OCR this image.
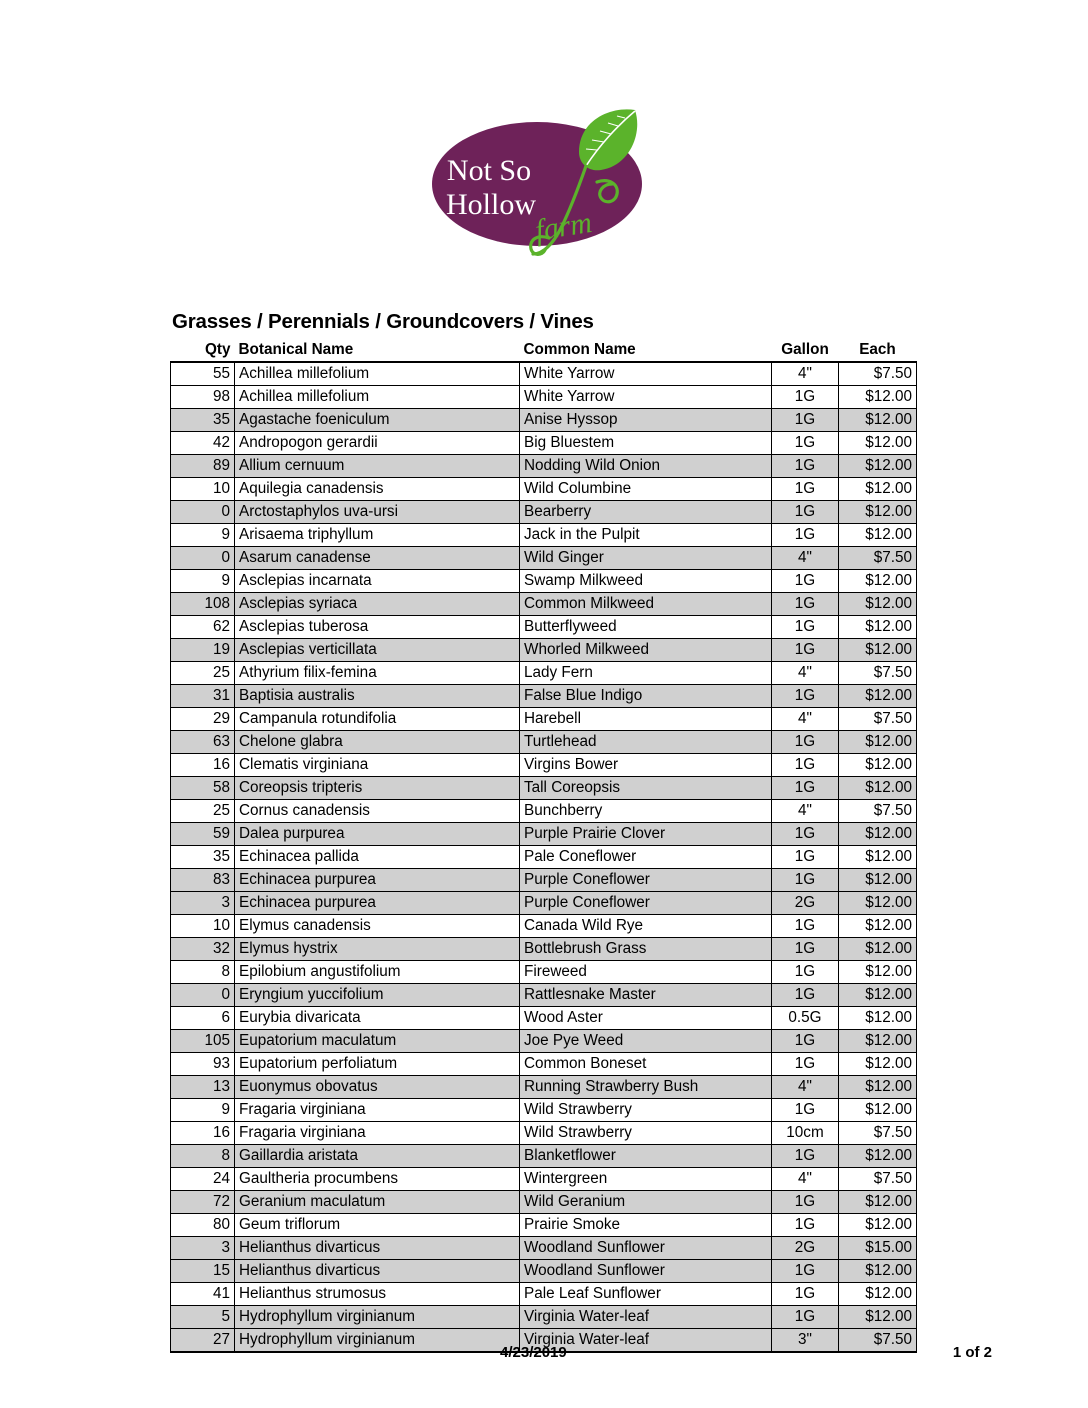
Not So
Hollow
farm
Grasses / Perennials / Groundcovers / Vines
Qty	Botanical Name	Common Name	Gallon	Each
55	Achillea millefolium	White Yarrow	4"	$7.50
98	Achillea millefolium	White Yarrow	1G	$12.00
35	Agastache foeniculum	Anise Hyssop	1G	$12.00
42	Andropogon gerardii	Big Bluestem	1G	$12.00
89	Allium cernuum	Nodding Wild Onion	1G	$12.00
10	Aquilegia canadensis	Wild Columbine	1G	$12.00
0	Arctostaphylos uva-ursi	Bearberry	1G	$12.00
9	Arisaema triphyllum	Jack in the Pulpit	1G	$12.00
0	Asarum canadense	Wild Ginger	4"	$7.50
9	Asclepias incarnata	Swamp Milkweed	1G	$12.00
108	Asclepias syriaca	Common Milkweed	1G	$12.00
62	Asclepias tuberosa	Butterflyweed	1G	$12.00
19	Asclepias verticillata	Whorled Milkweed	1G	$12.00
25	Athyrium filix-femina	Lady Fern	4"	$7.50
31	Baptisia australis	False Blue Indigo	1G	$12.00
29	Campanula rotundifolia	Harebell	4"	$7.50
63	Chelone glabra	Turtlehead	1G	$12.00
16	Clematis virginiana	Virgins Bower	1G	$12.00
58	Coreopsis tripteris	Tall Coreopsis	1G	$12.00
25	Cornus canadensis	Bunchberry	4"	$7.50
59	Dalea purpurea	Purple Prairie Clover	1G	$12.00
35	Echinacea pallida	Pale Coneflower	1G	$12.00
83	Echinacea purpurea	Purple Coneflower	1G	$12.00
3	Echinacea purpurea	Purple Coneflower	2G	$12.00
10	Elymus canadensis	Canada Wild Rye	1G	$12.00
32	Elymus hystrix	Bottlebrush Grass	1G	$12.00
8	Epilobium angustifolium	Fireweed	1G	$12.00
0	Eryngium yuccifolium	Rattlesnake Master	1G	$12.00
6	Eurybia divaricata	Wood Aster	0.5G	$12.00
105	Eupatorium maculatum	Joe Pye Weed	1G	$12.00
93	Eupatorium perfoliatum	Common Boneset	1G	$12.00
13	Euonymus obovatus	Running Strawberry Bush	4"	$12.00
9	Fragaria virginiana	Wild Strawberry	1G	$12.00
16	Fragaria virginiana	Wild Strawberry	10cm	$7.50
8	Gaillardia aristata	Blanketflower	1G	$12.00
24	Gaultheria procumbens	Wintergreen	4"	$7.50
72	Geranium maculatum	Wild Geranium	1G	$12.00
80	Geum triflorum	Prairie Smoke	1G	$12.00
3	Helianthus divarticus	Woodland Sunflower	2G	$15.00
15	Helianthus divarticus	Woodland Sunflower	1G	$12.00
41	Helianthus strumosus	Pale Leaf Sunflower	1G	$12.00
5	Hydrophyllum virginianum	Virginia Water-leaf	1G	$12.00
27	Hydrophyllum virginianum	Virginia Water-leaf	3"	$7.50
4/23/2019	1 of 2
